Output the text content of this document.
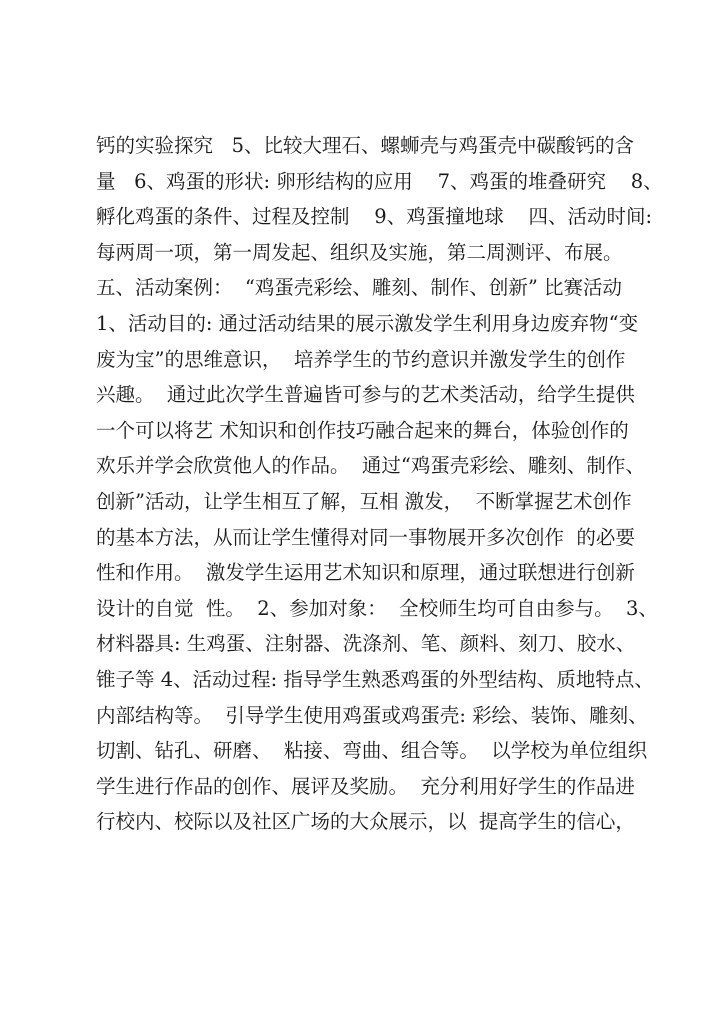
钙的实验探究   5、比较大理石、螺蛳壳与鸡蛋壳中碳酸钙的含
量   6、鸡蛋的形状: 卵形结构的应用    7、鸡蛋的堆叠研究    8、
孵化鸡蛋的条件、过程及控制    9、鸡蛋撞地球    四、活动时间:
每两周一项，第一周发起、组织及实施，第二周测评、布展。
五、活动案例：  “鸡蛋壳彩绘、雕刻、制作、创新” 比赛活动
1、活动目的: 通过活动结果的展示激发学生利用身边废弃物“变
废为宝”的思维意识，  培养学生的节约意识并激发学生的创作
兴趣。  通过此次学生普遍皆可参与的艺术类活动，给学生提供
一个可以将艺 术知识和创作技巧融合起来的舞台，体验创作的
欢乐并学会欣赏他人的作品。  通过“鸡蛋壳彩绘、雕刻、制作、
创新”活动，让学生相互了解，互相 激发，  不断掌握艺术创作
的基本方法，从而让学生懂得对同一事物展开多次创作  的必要
性和作用。  激发学生运用艺术知识和原理，通过联想进行创新
设计的自觉  性。  2、参加对象：  全校师生均可自由参与。  3、
材料器具: 生鸡蛋、注射器、洗涤剂、笔、颜料、刻刀、胶水、
锥子等 4、活动过程: 指导学生熟悉鸡蛋的外型结构、质地特点、
内部结构等。  引导学生使用鸡蛋或鸡蛋壳: 彩绘、装饰、雕刻、
切割、钻孔、研磨、  粘接、弯曲、组合等。  以学校为单位组织
学生进行作品的创作、展评及奖励。  充分利用好学生的作品进
行校内、校际以及社区广场的大众展示，以  提高学生的信心，
